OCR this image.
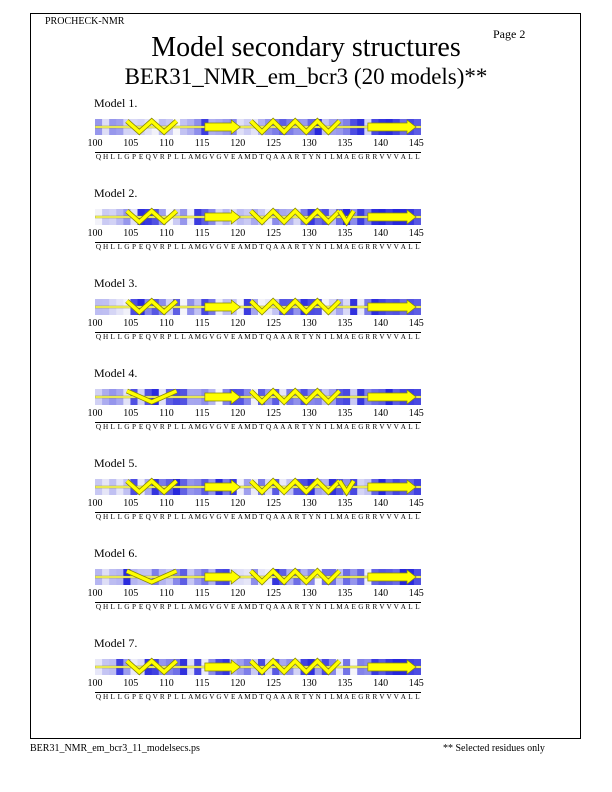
PROCHECK-NMR
Page 2
Model secondary structures
BER31_NMR_em_bcr3 (20 models)**
Model 1.
100 105 110 115 120 125 130 135 140 145
Q H L L G P E Q V R P L L A M G V G V E A M D T Q A A A R T Y N I L M A E G R R V V V A L L
Model 2.
100 105 110 115 120 125 130 135 140 145
Q H L L G P E Q V R P L L A M G V G V E A M D T Q A A A R T Y N I L M A E G R R V V V A L L
Model 3.
100 105 110 115 120 125 130 135 140 145
Q H L L G P E Q V R P L L A M G V G V E A M D T Q A A A R T Y N I L M A E G R R V V V A L L
Model 4.
100 105 110 115 120 125 130 135 140 145
Q H L L G P E Q V R P L L A M G V G V E A M D T Q A A A R T Y N I L M A E G R R V V V A L L
Model 5.
100 105 110 115 120 125 130 135 140 145
Q H L L G P E Q V R P L L A M G V G V E A M D T Q A A A R T Y N I L M A E G R R V V V A L L
Model 6.
100 105 110 115 120 125 130 135 140 145
Q H L L G P E Q V R P L L A M G V G V E A M D T Q A A A R T Y N I L M A E G R R V V V A L L
Model 7.
100 105 110 115 120 125 130 135 140 145
Q H L L G P E Q V R P L L A M G V G V E A M D T Q A A A R T Y N I L M A E G R R V V V A L L
BER31_NMR_em_bcr3_11_modelsecs.ps	** Selected residues only
